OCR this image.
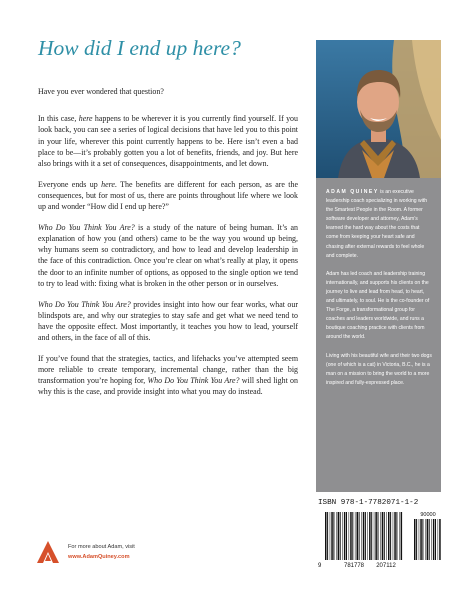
How did I end up here?

Have you ever wondered that question?

In this case, here happens to be wherever it is you currently find yourself. If you look back, you can see a series of logical decisions that have led you to this point in your life, wherever this point currently happens to be. Here isn’t even a bad place to be—it’s probably gotten you a lot of benefits, friends, and joy. But here also brings with it a set of consequences, disappointments, and let down.

Everyone ends up here. The benefits are different for each person, as are the consequences, but for most of us, there are points throughout life where we look up and wonder “How did I end up here?”

Who Do You Think You Are? is a study of the nature of being human. It’s an explanation of how you (and others) came to be the way you wound up being, why humans seem so contradictory, and how to lead and develop leadership in the face of this contradiction. Once you’re clear on what’s really at play, it opens the door to an infinite number of options, as opposed to the single option we tend to try to lead with: fixing what is broken in the other person or in ourselves.

Who Do You Think You Are? provides insight into how our fear works, what our blindspots are, and why our strategies to stay safe and get what we need tend to have the opposite effect. Most importantly, it teaches you how to lead, yourself and others, in the face of all of this.

If you’ve found that the strategies, tactics, and lifehacks you’ve attempted seem more reliable to create temporary, incremental change, rather than the big transformation you’re hoping for, Who Do You Think You Are? will shed light on why this is the case, and provide insight into what you may do instead.

ADAM QUINEY is an executive leadership coach specializing in working with the Smartest People in the Room. A former software developer and attorney, Adam’s learned the hard way about the costs that come from keeping your heart safe and chasing after external rewards to feel whole and complete.

Adam has led coach and leadership training internationally, and supports his clients on the journey to live and lead from head, to heart, and ultimately, to soul. He is the co-founder of The Forge, a transformational group for coaches and leaders worldwide, and runs a boutique coaching practice with clients from around the world.

Living with his beautiful wife and their two dogs (one of which is a cat) in Victoria, B.C., he is a man on a mission to bring the world to a more inspired and fully-expressed place.

ISBN 978-1-7782071-1-2
90000
9	781778 207112
For more about Adam, visit
www.AdamQuiney.com
